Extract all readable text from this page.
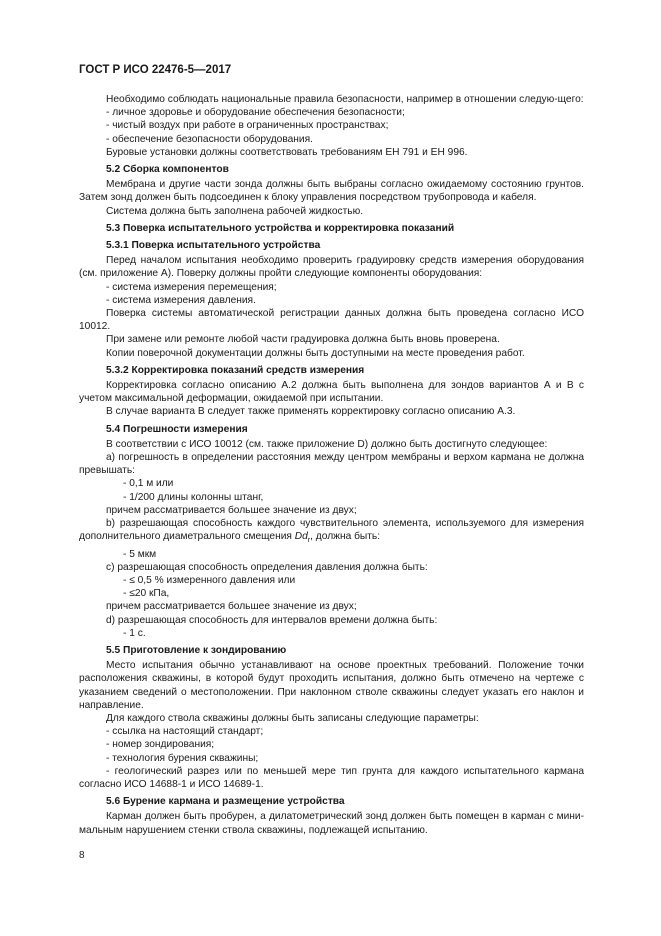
ГОСТ Р ИСО 22476-5—2017

Необходимо соблюдать национальные правила безопасности, например в отношении следую-щего:

- личное здоровье и оборудование обеспечения безопасности;

- чистый воздух при работе в ограниченных пространствах;

- обеспечение безопасности оборудования.

Буровые установки должны соответствовать требованиям ЕН 791 и ЕН 996.

5.2 Сборка компонентов

Мембрана и другие части зонда должны быть выбраны согласно ожидаемому состоянию грунтов. Затем зонд должен быть подсоединен к блоку управления посредством трубопровода и кабеля.

Система должна быть заполнена рабочей жидкостью.

5.3 Поверка испытательного устройства и корректировка показаний

5.3.1 Поверка испытательного устройства

Перед началом испытания необходимо проверить градуировку средств измерения оборудования (см. приложение А). Поверку должны пройти следующие компоненты оборудования:

- система измерения перемещения;

- система измерения давления.

Поверка системы автоматической регистрации данных должна быть проведена согласно ИСО 10012.

При замене или ремонте любой части градуировка должна быть вновь проверена.

Копии поверочной документации должны быть доступными на месте проведения работ.

5.3.2 Корректировка показаний средств измерения

Корректировка согласно описанию А.2 должна быть выполнена для зондов вариантов А и В с учетом максимальной деформации, ожидаемой при испытании.

В случае варианта В следует также применять корректировку согласно описанию А.3.

5.4 Погрешности измерения

В соответствии с ИСО 10012 (см. также приложение D) должно быть достигнуто следующее:

а) погрешность в определении расстояния между центром мембраны и верхом кармана не должна превышать:

- 0,1 м или

- 1/200 длины колонны штанг,

причем рассматривается большее значение из двух;

b) разрешающая способность каждого чувствительного элемента, используемого для измерения дополнительного диаметрального смещения $Dd_r$, должна быть:

- 5 мкм

с) разрешающая способность определения давления должна быть:

- ≤ 0,5 % измеренного давления или

- ≤20 кПа,

причем рассматривается большее значение из двух;

d) разрешающая способность для интервалов времени должна быть:

- 1 с.

5.5 Приготовление к зондированию

Место испытания обычно устанавливают на основе проектных требований. Положение точки расположения скважины, в которой будут проходить испытания, должно быть отмечено на чертеже с указанием сведений о местоположении. При наклонном стволе скважины следует указать его наклон и направление.

Для каждого ствола скважины должны быть записаны следующие параметры:

- ссылка на настоящий стандарт;

- номер зондирования;

- технология бурения скважины;

- геологический разрез или по меньшей мере тип грунта для каждого испытательного кармана согласно ИСО 14688-1 и ИСО 14689-1.

5.6 Бурение кармана и размещение устройства

Карман должен быть пробурен, а дилатометрический зонд должен быть помещен в карман с мини-мальным нарушением стенки ствола скважины, подлежащей испытанию.

8
